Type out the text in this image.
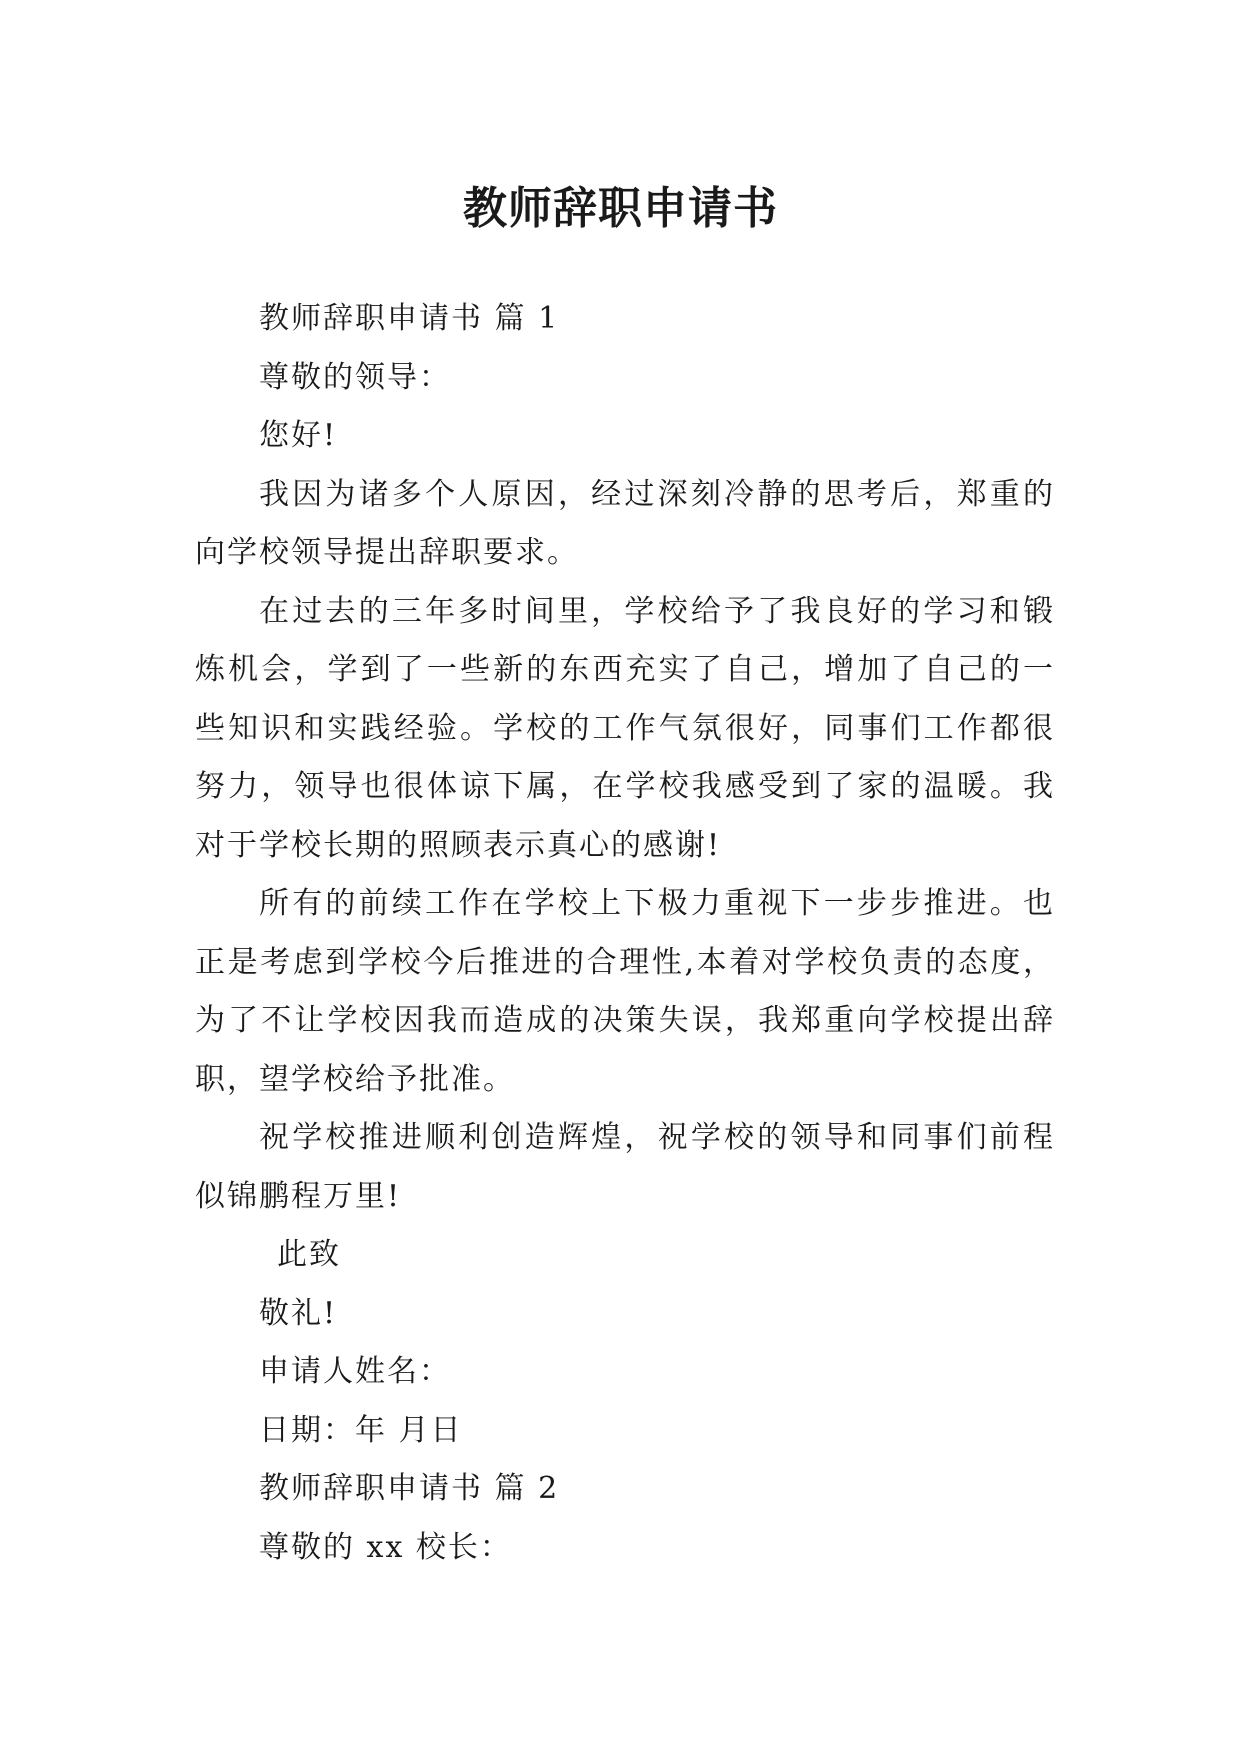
教师辞职申请书

教师辞职申请书 篇 1

尊敬的领导：

您好!

我因为诸多个人原因，经过深刻冷静的思考后，郑重的向学校领导提出辞职要求。

在过去的三年多时间里，学校给予了我良好的学习和锻炼机会，学到了一些新的东西充实了自己，增加了自己的一些知识和实践经验。学校的工作气氛很好，同事们工作都很努力，领导也很体谅下属，在学校我感受到了家的温暖。我对于学校长期的照顾表示真心的感谢!

所有的前续工作在学校上下极力重视下一步步推进。也正是考虑到学校今后推进的合理性,本着对学校负责的态度，为了不让学校因我而造成的决策失误，我郑重向学校提出辞职，望学校给予批准。

祝学校推进顺利创造辉煌，祝学校的领导和同事们前程似锦鹏程万里!

此致

敬礼!

申请人姓名：

日期：年 月日

教师辞职申请书 篇 2

尊敬的 xx 校长：
